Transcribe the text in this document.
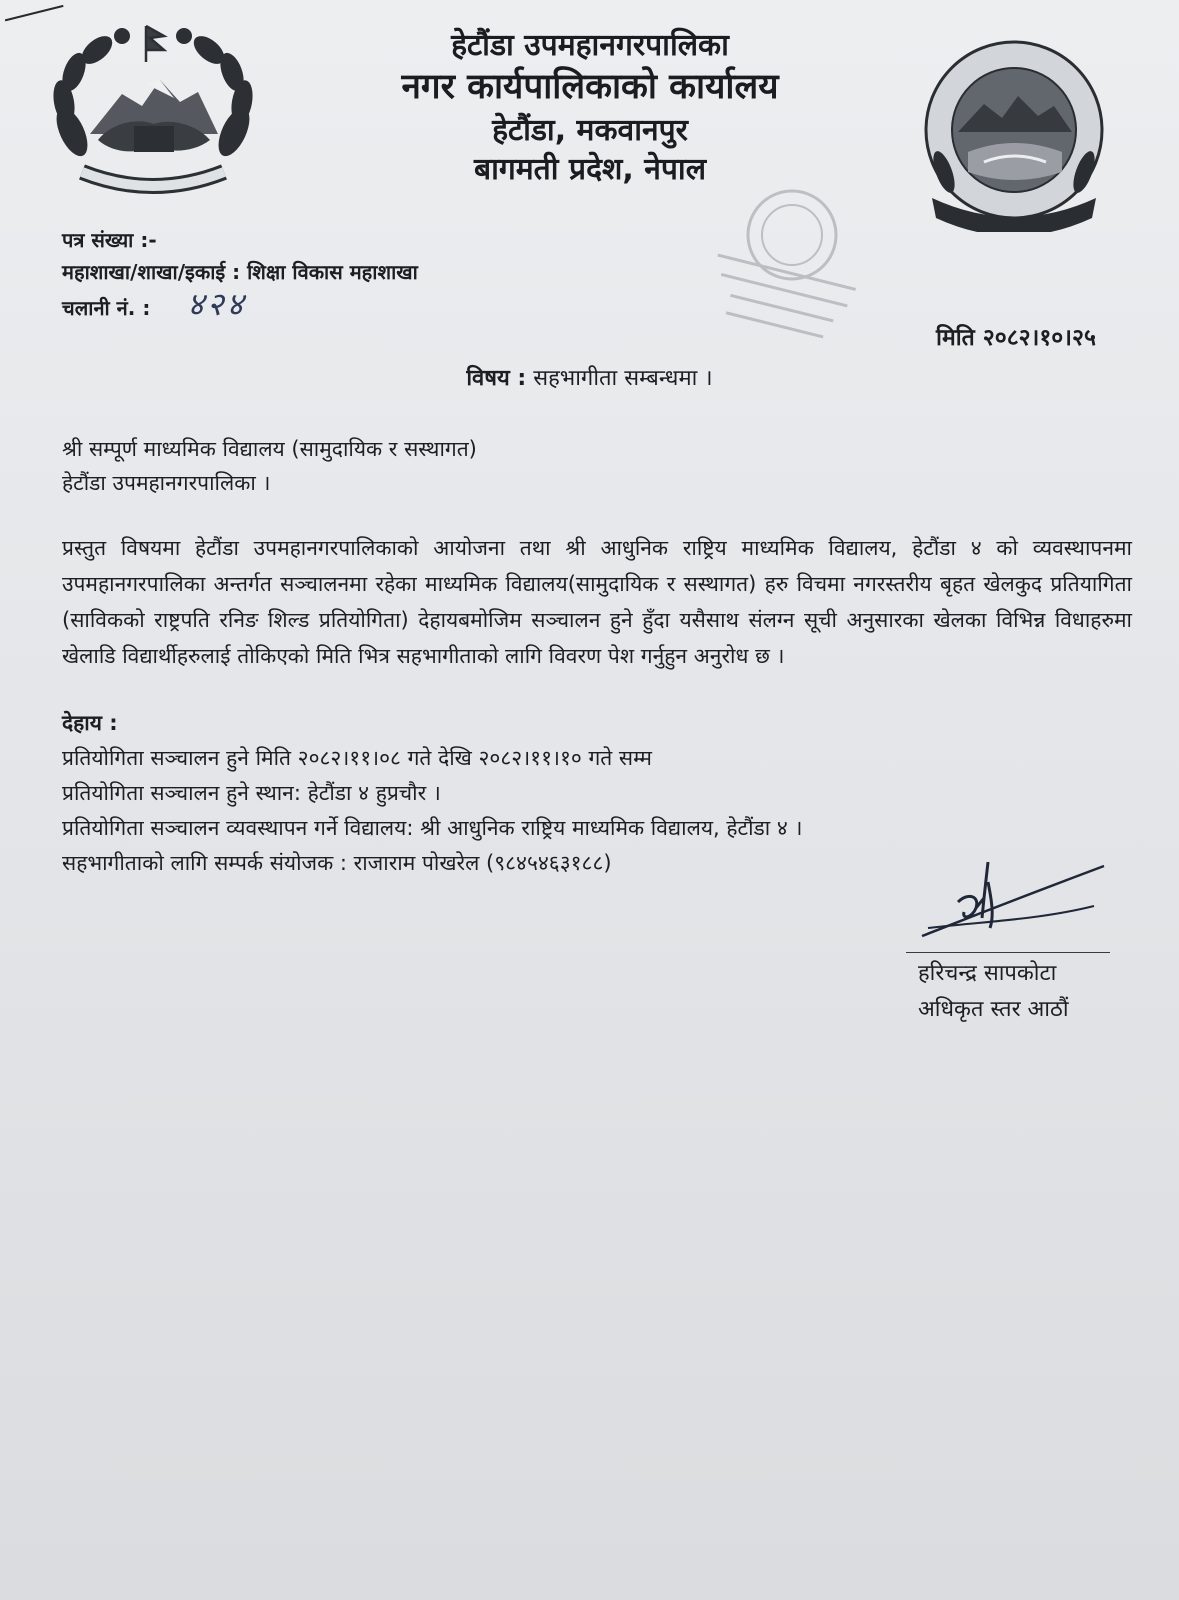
हेटौंडा उपमहानगरपालिका
नगर कार्यपालिकाको कार्यालय
हेटौंडा, मकवानपुर
बागमती प्रदेश, नेपाल
पत्र संख्या :-
महाशाखा/शाखा/इकाई : शिक्षा विकास महाशाखा
चलानी नं. : ४२४
मिति २०८२।१०।२५
विषय : सहभागीता सम्बन्धमा ।
श्री सम्पूर्ण माध्यमिक विद्यालय (सामुदायिक र सस्थागत)
हेटौंडा उपमहानगरपालिका ।
प्रस्तुत विषयमा हेटौंडा उपमहानगरपालिकाको आयोजना तथा श्री आधुनिक राष्ट्रिय माध्यमिक विद्यालय, हेटौंडा ४ को व्यवस्थापनमा उपमहानगरपालिका अन्तर्गत सञ्चालनमा रहेका माध्यमिक विद्यालय(सामुदायिक र सस्थागत) हरु विचमा नगरस्तरीय बृहत खेलकुद प्रतियागिता (साविकको राष्ट्रपति रनिङ शिल्ड प्रतियोगिता) देहायबमोजिम सञ्चालन हुने हुँदा यसैसाथ संलग्न सूची अनुसारका खेलका विभिन्न विधाहरुमा खेलाडि विद्यार्थीहरुलाई तोकिएको मिति भित्र सहभागीताको लागि विवरण पेश गर्नुहुन अनुरोध छ ।
देहाय :
प्रतियोगिता सञ्चालन हुने मिति २०८२।११।०८ गते देखि २०८२।११।१० गते सम्म
प्रतियोगिता सञ्चालन हुने स्थान: हेटौंडा ४ हुप्रचौर ।
प्रतियोगिता सञ्चालन व्यवस्थापन गर्ने विद्यालय: श्री आधुनिक राष्ट्रिय माध्यमिक विद्यालय, हेटौंडा ४ ।
सहभागीताको लागि सम्पर्क संयोजक : राजाराम पोखरेल (९८४५४६३१८८)
हरिचन्द्र सापकोटा
अधिकृत स्तर आठौं
